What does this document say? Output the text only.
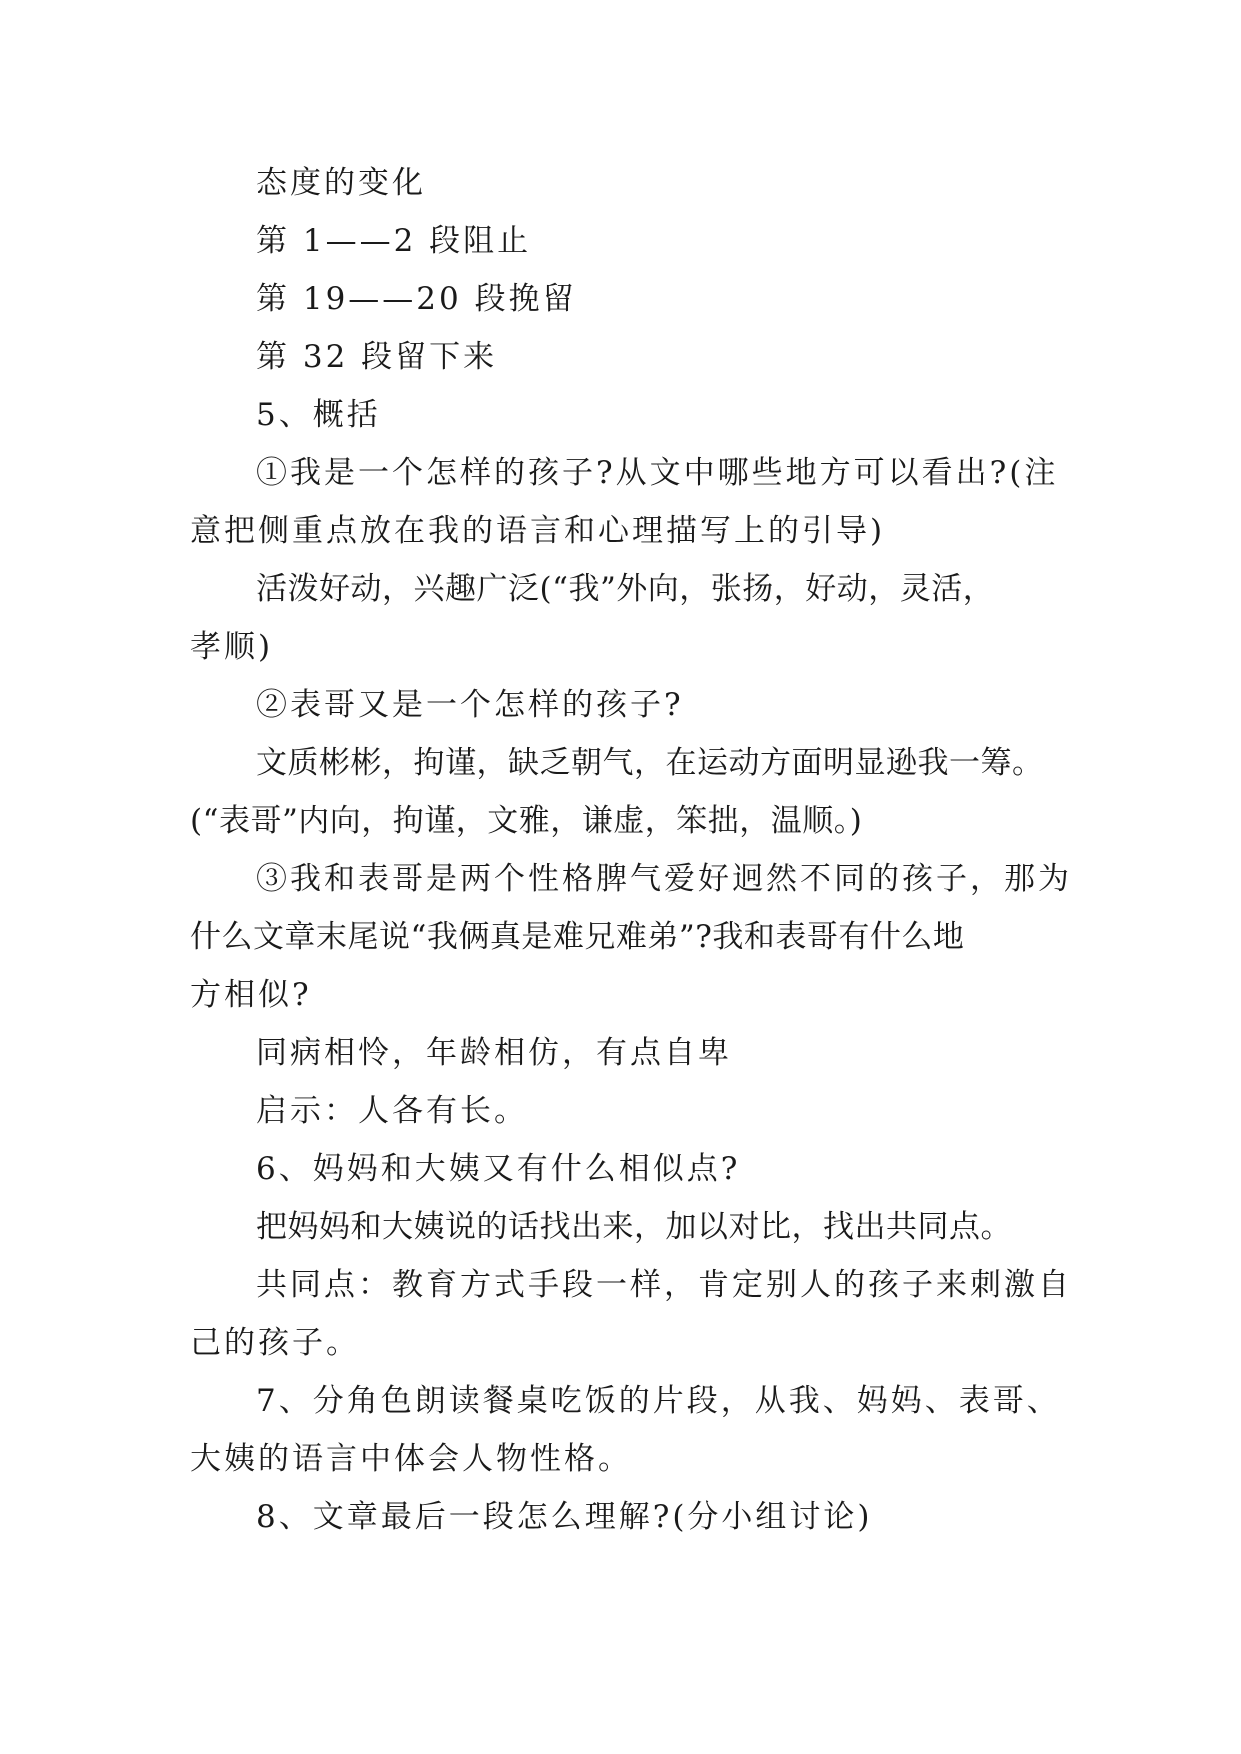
态度的变化
第 1——2 段阻止
第 19——20 段挽留
第 32 段留下来
5、概括
①我是一个怎样的孩子?从文中哪些地方可以看出?(注
意把侧重点放在我的语言和心理描写上的引导)
活泼好动，兴趣广泛(“我”外向，张扬，好动，灵活，
孝顺)
②表哥又是一个怎样的孩子?
文质彬彬，拘谨，缺乏朝气，在运动方面明显逊我一筹。
(“表哥”内向，拘谨，文雅，谦虚，笨拙，温顺。)
③我和表哥是两个性格脾气爱好迥然不同的孩子，那为
什么文章末尾说“我俩真是难兄难弟”?我和表哥有什么地
方相似?
同病相怜，年龄相仿，有点自卑
启示：人各有长。
6、妈妈和大姨又有什么相似点?
把妈妈和大姨说的话找出来，加以对比，找出共同点。
共同点：教育方式手段一样，肯定别人的孩子来刺激自
己的孩子。
7、分角色朗读餐桌吃饭的片段，从我、妈妈、表哥、
大姨的语言中体会人物性格。
8、文章最后一段怎么理解?(分小组讨论)
